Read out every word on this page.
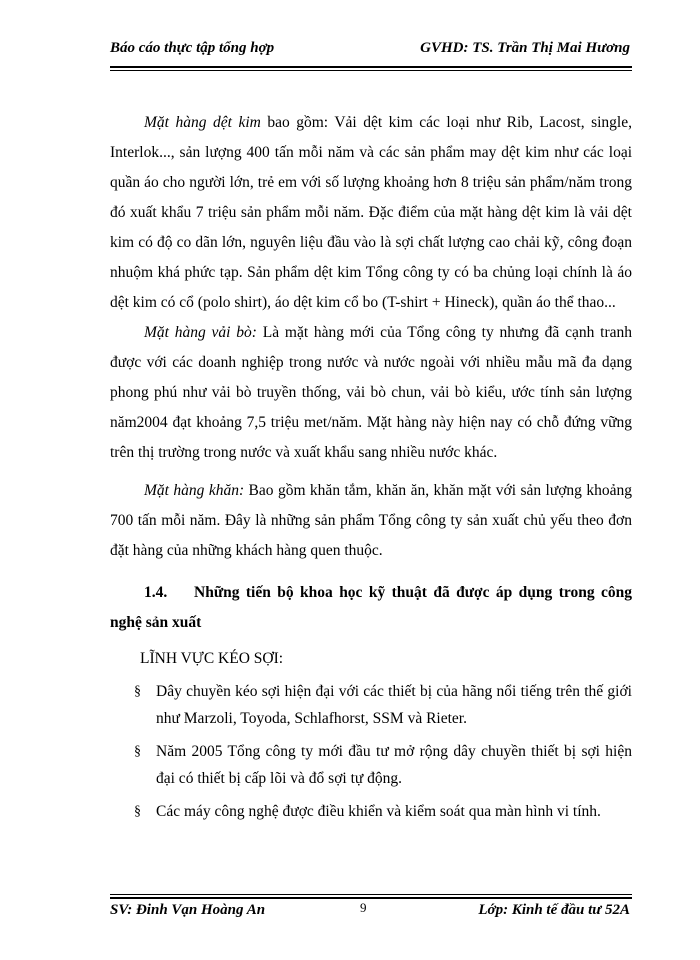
Báo cáo thực tập tổng hợp	GVHD: TS. Trần Thị Mai Hương

Mặt hàng dệt kim bao gồm: Vải dệt kim các loại như Rib, Lacost, single, Interlok..., sản lượng 400 tấn mỗi năm và các sản phẩm may dệt kim như các loại quần áo cho người lớn, trẻ em với số lượng khoảng hơn 8 triệu sản phẩm/năm trong đó xuất khẩu 7 triệu sản phẩm mỗi năm. Đặc điểm của mặt hàng dệt kim là vải dệt kim có độ co dãn lớn, nguyên liệu đầu vào là sợi chất lượng cao chải kỹ, công đoạn nhuộm khá phức tạp. Sản phẩm dệt kim Tổng công ty có ba chủng loại chính là áo dệt kim có cổ (polo shirt), áo dệt kim cổ bo (T-shirt + Hineck), quần áo thể thao...

Mặt hàng vải bò: Là mặt hàng mới của Tổng công ty nhưng đã cạnh tranh được với các doanh nghiệp trong nước và nước ngoài với nhiều mẫu mã đa dạng phong phú như vải bò truyền thống, vải bò chun, vải bò kiểu, ước tính sản lượng năm2004 đạt khoảng 7,5 triệu met/năm. Mặt hàng này hiện nay có chỗ đứng vững trên thị trường trong nước và xuất khẩu sang nhiều nước khác.

Mặt hàng khăn: Bao gồm khăn tắm, khăn ăn, khăn mặt với sản lượng khoảng 700 tấn mỗi năm. Đây là những sản phẩm Tổng công ty sản xuất chủ yếu theo đơn đặt hàng của những khách hàng quen thuộc.

1.4. Những tiến bộ khoa học kỹ thuật đã được áp dụng trong công nghệ sản xuất
LĨNH VỰC KÉO SỢI:
§ Dây chuyền kéo sợi hiện đại với các thiết bị của hãng nổi tiếng trên thế giới như Marzoli, Toyoda, Schlafhorst, SSM và Rieter.
§ Năm 2005 Tổng công ty mới đầu tư mở rộng dây chuyền thiết bị sợi hiện đại có thiết bị cấp lõi và đổ sợi tự động.
§ Các máy công nghệ được điều khiển và kiểm soát qua màn hình vi tính.
SV: Đinh Vạn Hoàng An	9	Lớp: Kinh tế đầu tư 52A
